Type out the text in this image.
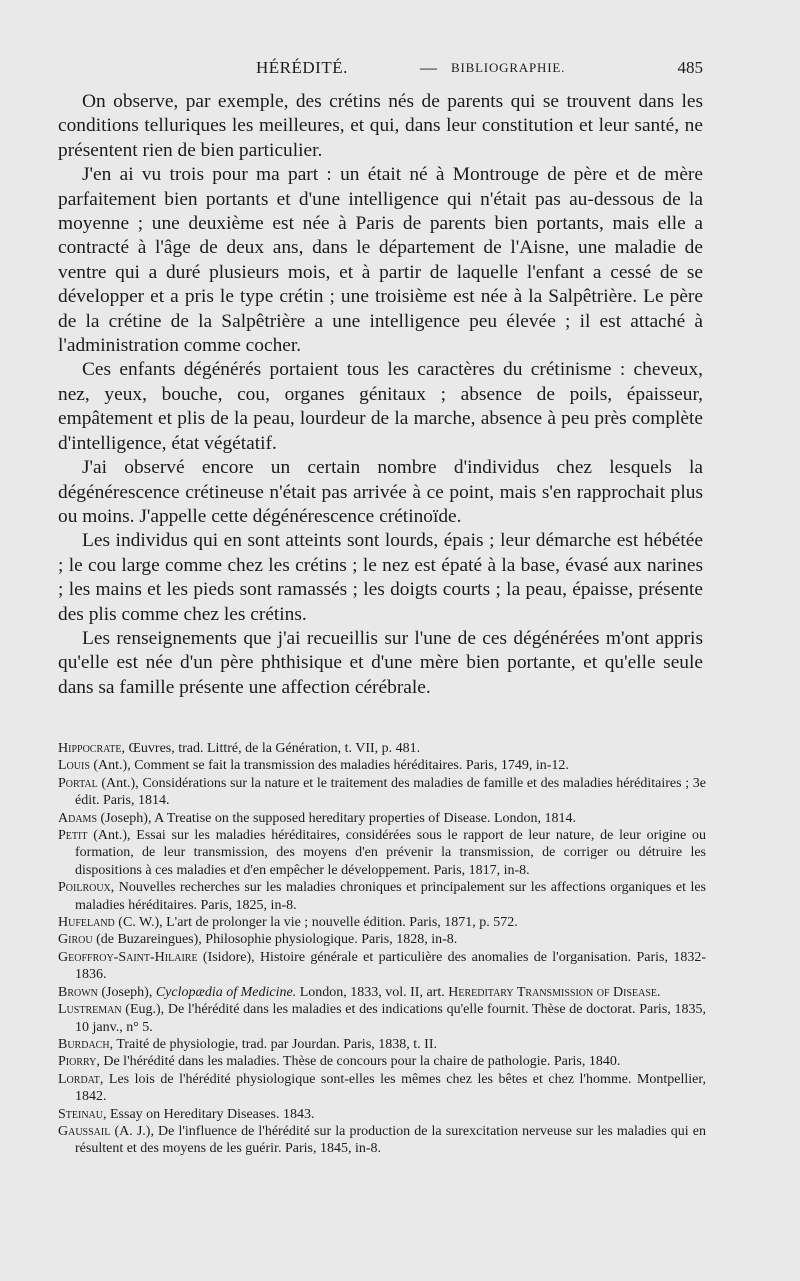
HÉRÉDITÉ.	— BIBLIOGRAPHIE.	485

On observe, par exemple, des crétins nés de parents qui se trouvent dans les conditions telluriques les meilleures, et qui, dans leur constitution et leur santé, ne présentent rien de bien particulier.

J'en ai vu trois pour ma part : un était né à Montrouge de père et de mère parfaitement bien portants et d'une intelligence qui n'était pas au-dessous de la moyenne ; une deuxième est née à Paris de parents bien portants, mais elle a contracté à l'âge de deux ans, dans le département de l'Aisne, une maladie de ventre qui a duré plusieurs mois, et à partir de laquelle l'enfant a cessé de se développer et a pris le type crétin ; une troisième est née à la Salpêtrière. Le père de la crétine de la Salpêtrière a une intelligence peu élevée ; il est attaché à l'administration comme cocher.

Ces enfants dégénérés portaient tous les caractères du crétinisme : cheveux, nez, yeux, bouche, cou, organes génitaux ; absence de poils, épaisseur, empâtement et plis de la peau, lourdeur de la marche, absence à peu près complète d'intelligence, état végétatif.

J'ai observé encore un certain nombre d'individus chez lesquels la dégénérescence crétineuse n'était pas arrivée à ce point, mais s'en rapprochait plus ou moins. J'appelle cette dégénérescence crétinoïde.

Les individus qui en sont atteints sont lourds, épais ; leur démarche est hébétée ; le cou large comme chez les crétins ; le nez est épaté à la base, évasé aux narines ; les mains et les pieds sont ramassés ; les doigts courts ; la peau, épaisse, présente des plis comme chez les crétins.

Les renseignements que j'ai recueillis sur l'une de ces dégénérées m'ont appris qu'elle est née d'un père phthisique et d'une mère bien portante, et qu'elle seule dans sa famille présente une affection cérébrale.

Hippocrate, Œuvres, trad. Littré, de la Génération, t. VII, p. 481.

Louis (Ant.), Comment se fait la transmission des maladies héréditaires. Paris, 1749, in-12.

Portal (Ant.), Considérations sur la nature et le traitement des maladies de famille et des maladies héréditaires ; 3e édit. Paris, 1814.

Adams (Joseph), A Treatise on the supposed hereditary properties of Disease. London, 1814.

Petit (Ant.), Essai sur les maladies héréditaires, considérées sous le rapport de leur nature, de leur origine ou formation, de leur transmission, des moyens d'en prévenir la transmission, de corriger ou détruire les dispositions à ces maladies et d'en empêcher le développement. Paris, 1817, in-8.

Poilroux, Nouvelles recherches sur les maladies chroniques et principalement sur les affections organiques et les maladies héréditaires. Paris, 1825, in-8.

Hufeland (C. W.), L'art de prolonger la vie ; nouvelle édition. Paris, 1871, p. 572.

Girou (de Buzareingues), Philosophie physiologique. Paris, 1828, in-8.

Geoffroy-Saint-Hilaire (Isidore), Histoire générale et particulière des anomalies de l'organisation. Paris, 1832-1836.

Brown (Joseph), Cyclopædia of Medicine. London, 1833, vol. II, art. Hereditary Transmission of Disease.

Lustreman (Eug.), De l'hérédité dans les maladies et des indications qu'elle fournit. Thèse de doctorat. Paris, 1835, 10 janv., n° 5.

Burdach, Traité de physiologie, trad. par Jourdan. Paris, 1838, t. II.

Piorry, De l'hérédité dans les maladies. Thèse de concours pour la chaire de pathologie. Paris, 1840.

Lordat, Les lois de l'hérédité physiologique sont-elles les mêmes chez les bêtes et chez l'homme. Montpellier, 1842.

Steinau, Essay on Hereditary Diseases. 1843.

Gaussail (A. J.), De l'influence de l'hérédité sur la production de la surexcitation nerveuse sur les maladies qui en résultent et des moyens de les guérir. Paris, 1845, in-8.
